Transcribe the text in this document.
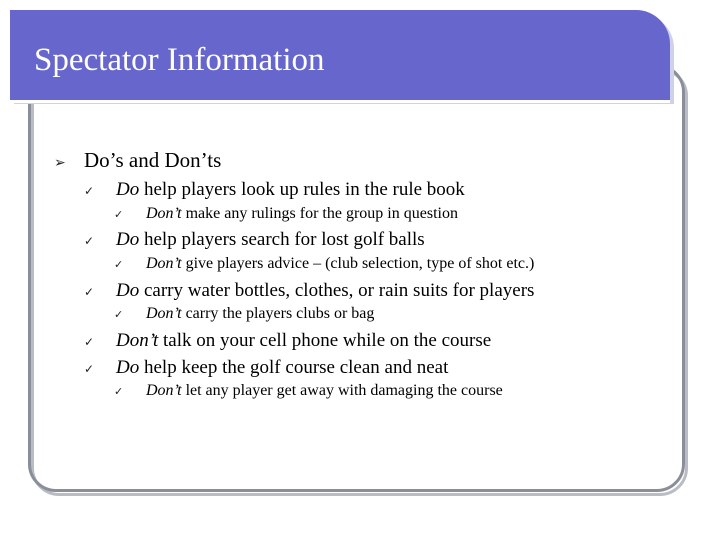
Spectator Information
➢ Do’s and Don’ts
✓	Do help players look up rules in the rule book
✓	Don’t make any rulings for the group in question
✓	Do help players search for lost golf balls
✓	Don’t give players advice – (club selection, type of shot etc.)
✓	Do carry water bottles, clothes, or rain suits for players
✓	Don’t carry the players clubs or bag
✓	Don’t talk on your cell phone while on the course
✓	Do help keep the golf course clean and neat
✓	Don’t let any player get away with damaging the course
